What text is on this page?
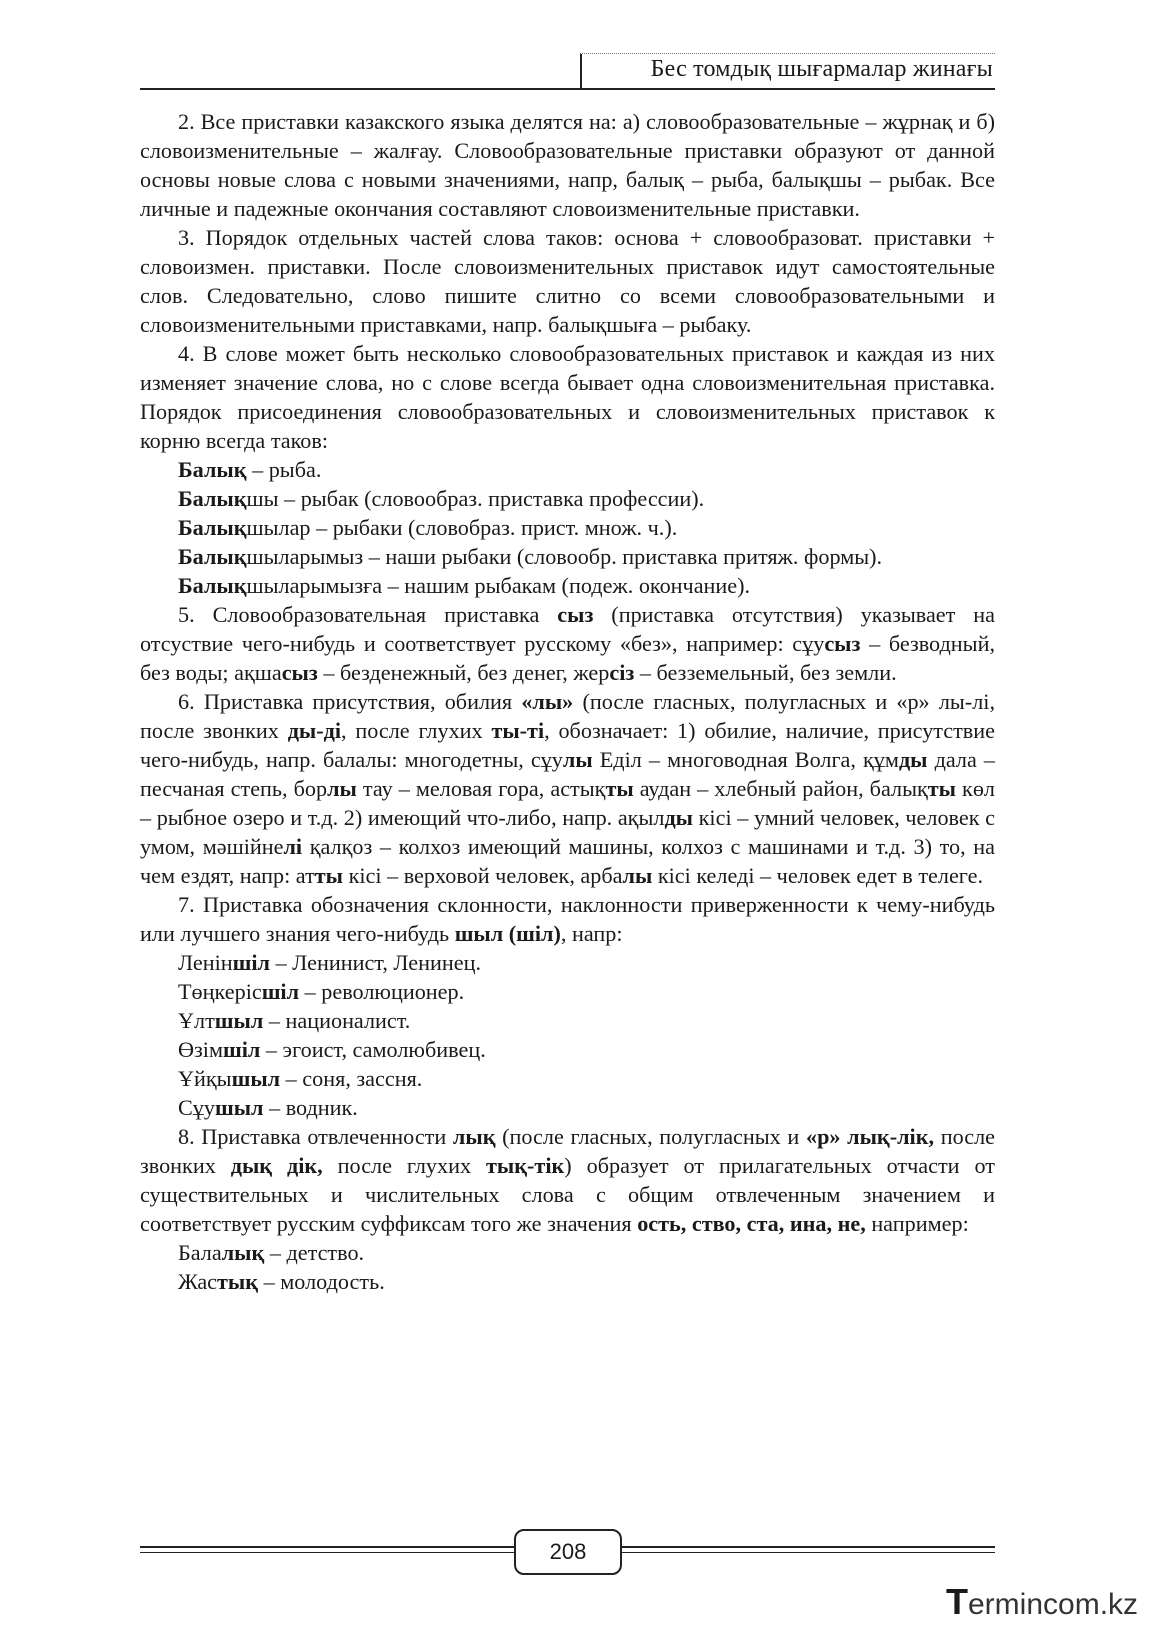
Бес томдық шығармалар жинағы

2. Все приставки казакского языка делятся на: а) словообразовательные – жұрнақ и б) словоизменительные – жалғау. Словообразовательные приставки образуют от данной основы новые слова с новыми значениями, напр, балық – рыба, балықшы – рыбак. Все личные и падежные окончания составляют словоизменительные приставки.

3. Порядок отдельных частей слова таков: основа + словообразоват. приставки + словоизмен. приставки. После словоизменительных приставок идут самостоятельные слов. Следовательно, слово пишите слитно со всеми словообразовательными и словоизменительными приставками, напр. балықшыға – рыбаку.

4. В слове может быть несколько словообразовательных приставок и каждая из них изменяет значение слова, но с слове всегда бывает одна словоизменительная приставка. Порядок присоединения словообразовательных и словоизменительных приставок к корню всегда таков:

Балық – рыба.

Балықшы – рыбак (словообраз. приставка профессии).

Балықшылар – рыбаки (словобраз. прист. множ. ч.).

Балықшыларымыз – наши рыбаки (словообр. приставка притяж. формы).

Балықшыларымызға – нашим рыбакам (подеж. окончание).

5. Словообразовательная приставка сыз (приставка отсутствия) указывает на отсуствие чего-нибудь и соответствует русскому «без», например: сұусыз – безводный, без воды; ақшасыз – безденежный, без денег, жерсіз – безземельный, без земли.

6. Приставка присутствия, обилия «лы» (после гласных, полугласных и «р» лы-лі, после звонких ды-ді, после глухих ты-ті, обозначает: 1) обилие, наличие, присутствие чего-нибудь, напр. балалы: многодетны, сұулы Еділ – многоводная Волга, құмды дала – песчаная степь, борлы тау – меловая гора, астықты аудан – хлебный район, балықты көл – рыбное озеро и т.д. 2) имеющий что-либо, напр. ақылды кісі – умний человек, человек с умом, мәшійнелі қалқоз – колхоз имеющий машины, колхоз с машинами и т.д. 3) то, на чем ездят, напр: атты кісі – верховой человек, арбалы кісі келеді – человек едет в телеге.

7. Приставка обозначения склонности, наклонности приверженности к чему-нибудь или лучшего знания чего-нибудь шыл (шіл), напр:

Леніншіл – Ленинист, Ленинец.

Төңкерісшіл – революционер.

Ұлтшыл – националист.

Өзімшіл – эгоист, самолюбивец.

Ұйқышыл – соня, зассня.

Сұушыл – водник.

8. Приставка отвлеченности лық (после гласных, полугласных и «р» лық-лік, после звонких дық дік, после глухих тық-тік) образует от прилагательных отчасти от существительных и числительных слова с общим отвлеченным значением и соответствует русским суффиксам того же значения ость, ство, ста, ина, не, например:

Балалық – детство.

Жастық – молодость.

208
Termincom.kz
